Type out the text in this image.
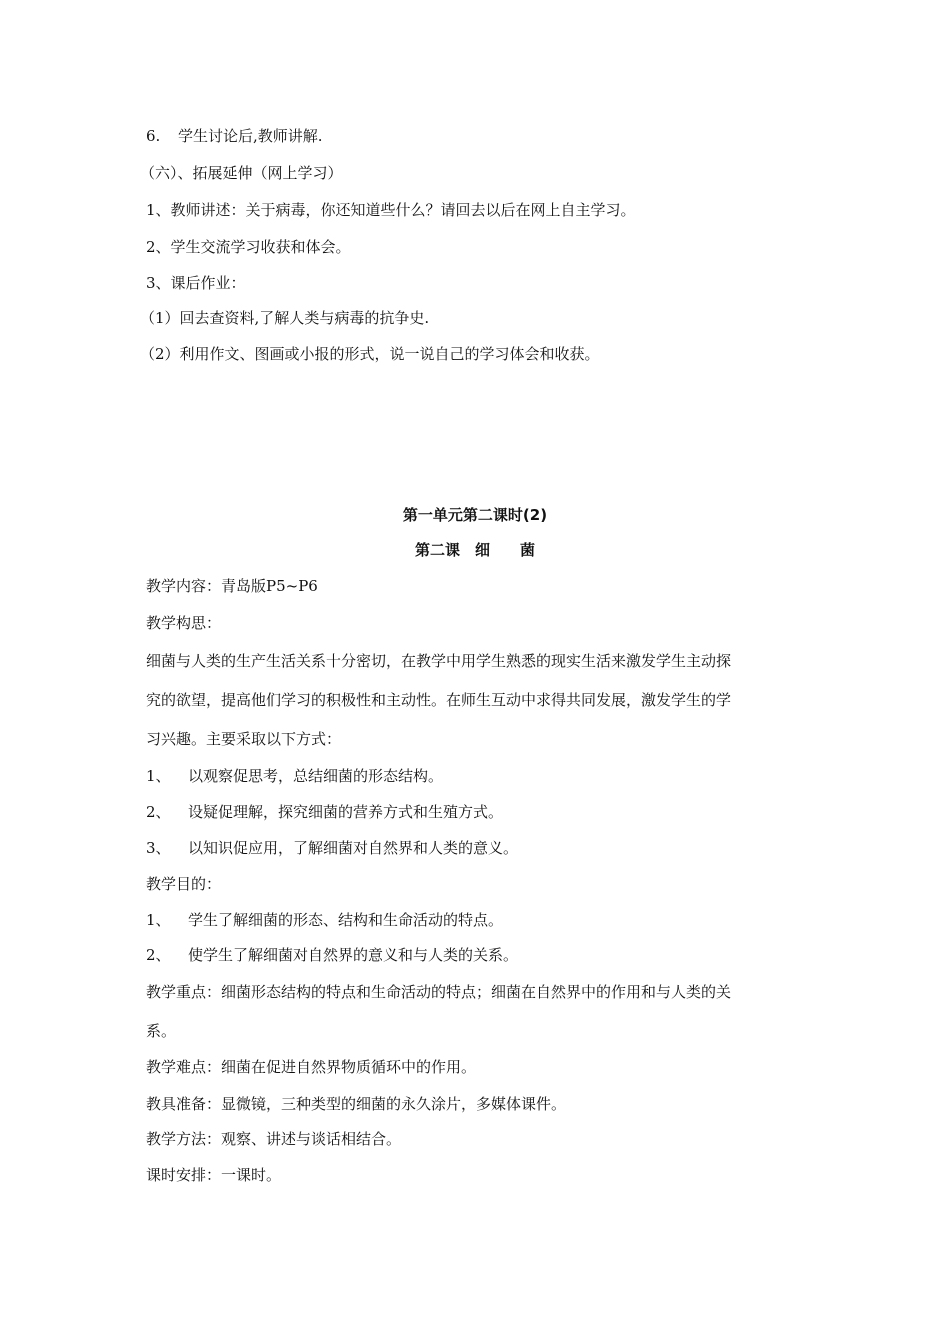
6. 学生讨论后,教师讲解.
（六）、拓展延伸（网上学习）
1、教师讲述：关于病毒，你还知道些什么？请回去以后在网上自主学习。
2、学生交流学习收获和体会。
3、课后作业：
（1）回去查资料,了解人类与病毒的抗争史.
（2）利用作文、图画或小报的形式，说一说自己的学习体会和收获。
第一单元第二课时(2)
第二课　细　　菌
教学内容：青岛版P5~P6
教学构思：
细菌与人类的生产生活关系十分密切，在教学中用学生熟悉的现实生活来激发学生主动探
究的欲望，提高他们学习的积极性和主动性。在师生互动中求得共同发展，激发学生的学
习兴趣。主要采取以下方式：
1、 以观察促思考，总结细菌的形态结构。
2、 设疑促理解，探究细菌的营养方式和生殖方式。
3、 以知识促应用，了解细菌对自然界和人类的意义。
教学目的：
1、 学生了解细菌的形态、结构和生命活动的特点。
2、 使学生了解细菌对自然界的意义和与人类的关系。
教学重点：细菌形态结构的特点和生命活动的特点；细菌在自然界中的作用和与人类的关
系。
教学难点：细菌在促进自然界物质循环中的作用。
教具准备：显微镜，三种类型的细菌的永久涂片，多媒体课件。
教学方法：观察、讲述与谈话相结合。
课时安排：一课时。
